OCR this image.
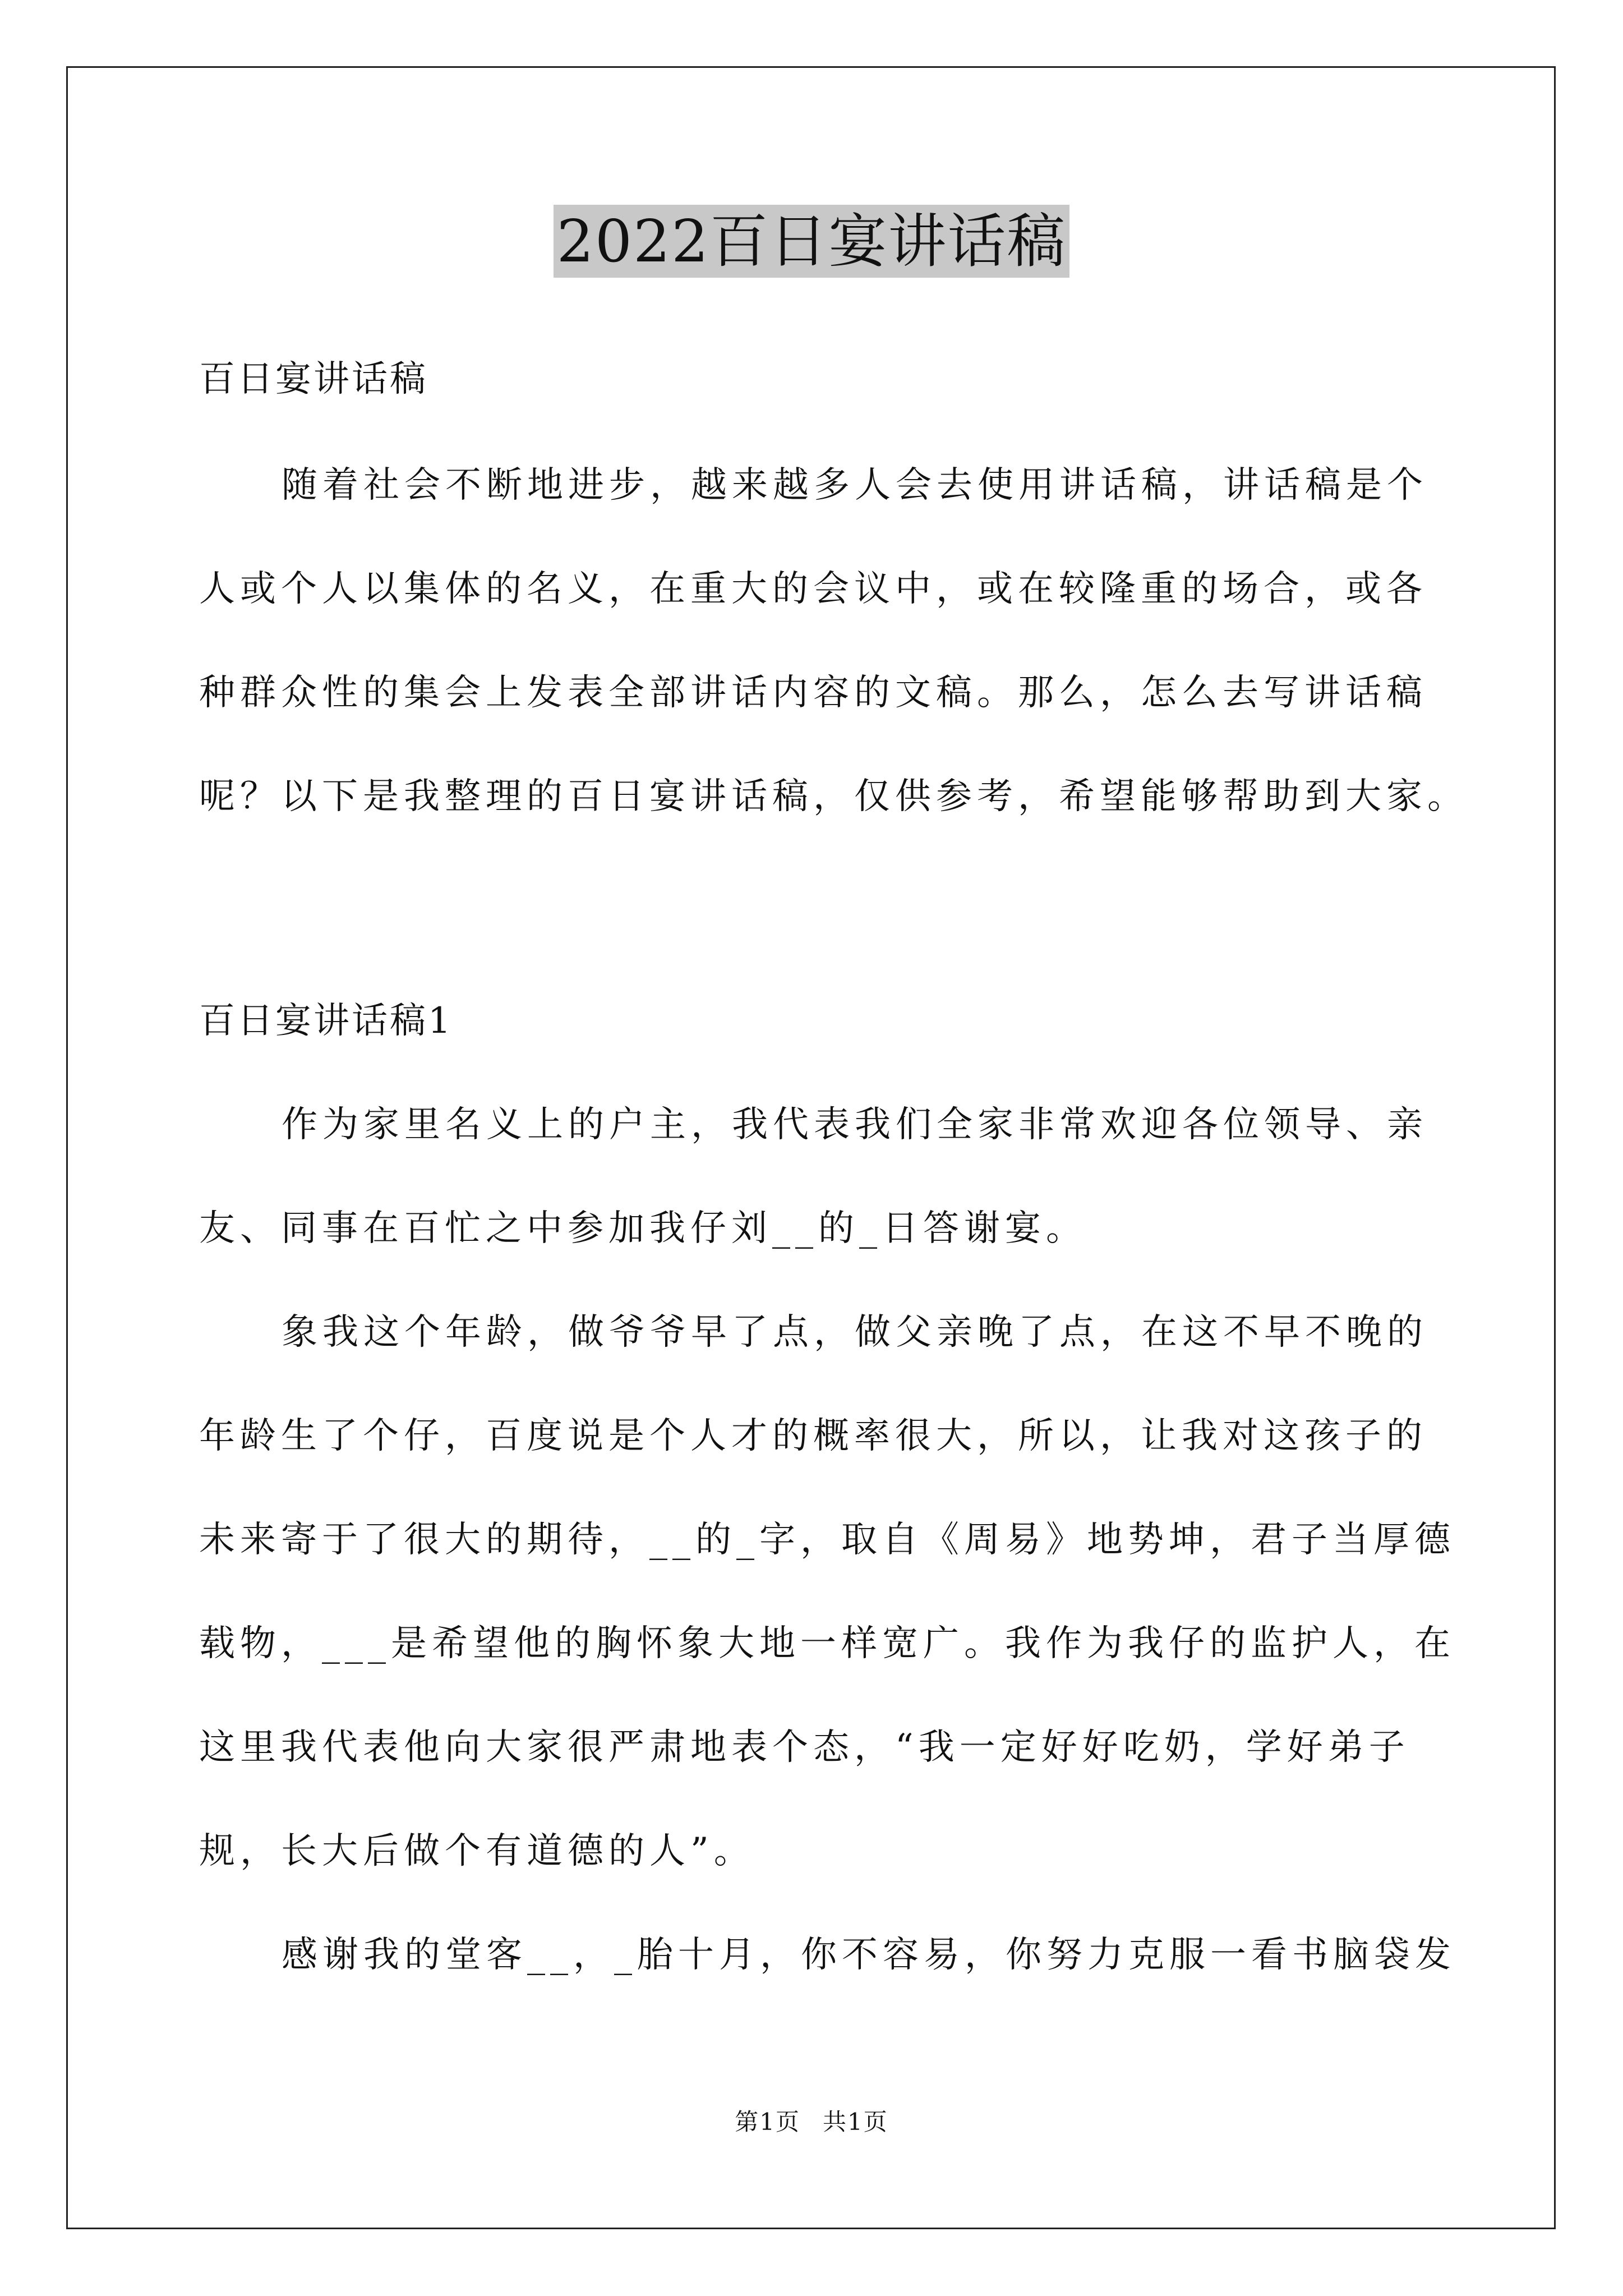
2022百日宴讲话稿
百日宴讲话稿
随着社会不断地进步，越来越多人会去使用讲话稿，讲话稿是个
人或个人以集体的名义，在重大的会议中，或在较隆重的场合，或各
种群众性的集会上发表全部讲话内容的文稿。那么，怎么去写讲话稿
呢？以下是我整理的百日宴讲话稿，仅供参考，希望能够帮助到大家。
百日宴讲话稿1
作为家里名义上的户主，我代表我们全家非常欢迎各位领导、亲
友、同事在百忙之中参加我仔刘__的_日答谢宴。
象我这个年龄，做爷爷早了点，做父亲晚了点，在这不早不晚的
年龄生了个仔，百度说是个人才的概率很大，所以，让我对这孩子的
未来寄于了很大的期待，__的_字，取自《周易》地势坤，君子当厚德
载物，___是希望他的胸怀象大地一样宽广。我作为我仔的监护人，在
这里我代表他向大家很严肃地表个态，“我一定好好吃奶，学好弟子
规，长大后做个有道德的人”。
感谢我的堂客__，_胎十月，你不容易，你努力克服一看书脑袋发
第1页 共1页
